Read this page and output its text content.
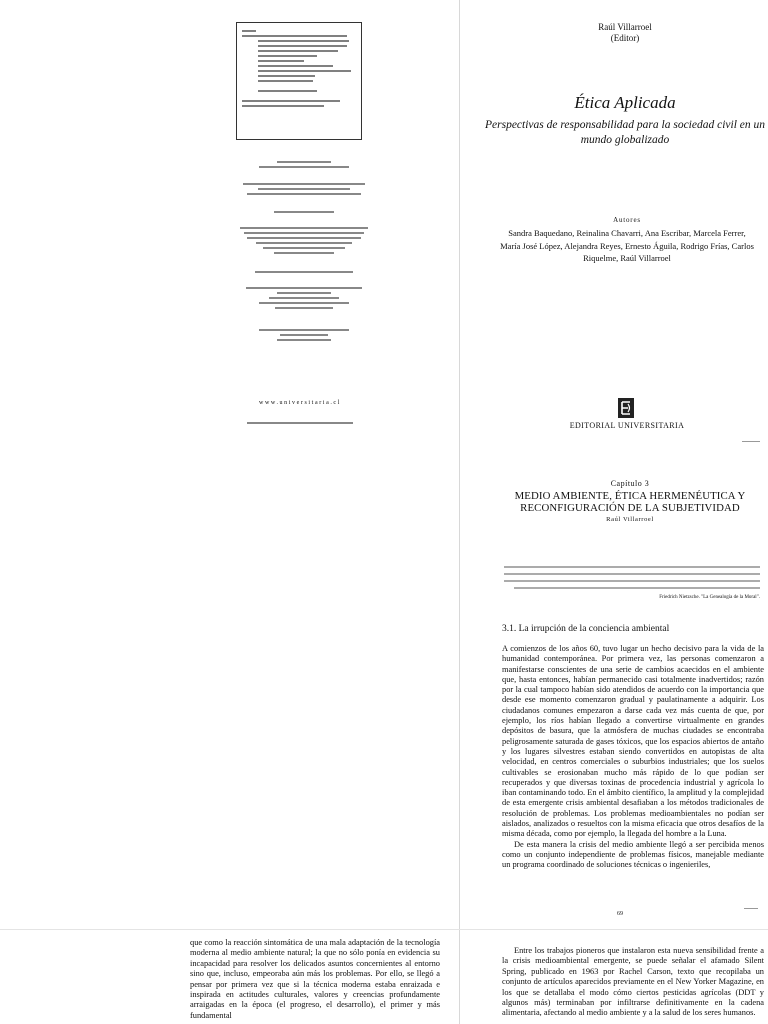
www.universitaria.cl
Raúl Villarroel
(Editor)
Ética Aplicada
Perspectivas de responsabilidad para la sociedad civil en un mundo globalizado
Autores
Sandra Baquedano, Reinalina Chavarri, Ana Escribar, Marcela Ferrer, María José López, Alejandra Reyes, Ernesto Águila, Rodrigo Frías, Carlos Riquelme, Raúl Villarroel
EDITORIAL UNIVERSITARIA
Capítulo 3
MEDIO AMBIENTE, ÉTICA HERMENÉUTICA Y RECONFIGURACIÓN DE LA SUBJETIVIDAD
Raúl Villarroel
Friedrich Nietzsche. "La Genealogía de la Moral".
3.1. La irrupción de la conciencia ambiental

A comienzos de los años 60, tuvo lugar un hecho decisivo para la vida de la humanidad contemporánea. Por primera vez, las personas comenzaron a manifestarse conscientes de una serie de cambios acaecidos en el ambiente que, hasta entonces, habían permanecido casi totalmente inadvertidos; razón por la cual tampoco habían sido atendidos de acuerdo con la importancia que desde ese momento comenzaron gradual y paulatinamente a adquirir. Los ciudadanos comunes empezaron a darse cada vez más cuenta de que, por ejemplo, los ríos habían llegado a convertirse virtualmente en grandes depósitos de basura, que la atmósfera de muchas ciudades se encontraba peligrosamente saturada de gases tóxicos, que los espacios abiertos de antaño y los lugares silvestres estaban siendo convertidos en autopistas de alta velocidad, en centros comerciales o suburbios industriales; que los suelos cultivables se erosionaban mucho más rápido de lo que podían ser recuperados y que diversas toxinas de procedencia industrial y agrícola lo iban contaminando todo. En el ámbito científico, la amplitud y la complejidad de esta emergente crisis ambiental desafiaban a los métodos tradicionales de resolución de problemas. Los problemas medioambientales no podían ser aislados, analizados o resueltos con la misma eficacia que otros desafíos de la misma década, como por ejemplo, la llegada del hombre a la Luna.

De esta manera la crisis del medio ambiente llegó a ser percibida menos como un conjunto independiente de problemas físicos, manejable mediante un programa coordinado de soluciones técnicas o ingenieriles,

69
que como la reacción sintomática de una mala adaptación de la tecnología moderna al medio ambiente natural; la que no sólo ponía en evidencia su incapacidad para resolver los delicados asuntos concernientes al entorno sino que, incluso, empeoraba aún más los problemas. Por ello, se llegó a pensar por primera vez que si la técnica moderna estaba enraizada e inspirada en actitudes culturales, valores y creencias profundamente arraigadas en la época (el progreso, el desarrollo), el primer y más fundamental

Entre los trabajos pioneros que instalaron esta nueva sensibilidad frente a la crisis medioambiental emergente, se puede señalar el afamado Silent Spring, publicado en 1963 por Rachel Carson, texto que recopilaba un conjunto de artículos aparecidos previamente en el New Yorker Magazine, en los que se detallaba el modo cómo ciertos pesticidas agrícolas (DDT y algunos más) terminaban por infiltrarse definitivamente en la cadena alimentaria, afectando al medio ambiente y a la salud de los seres humanos.
